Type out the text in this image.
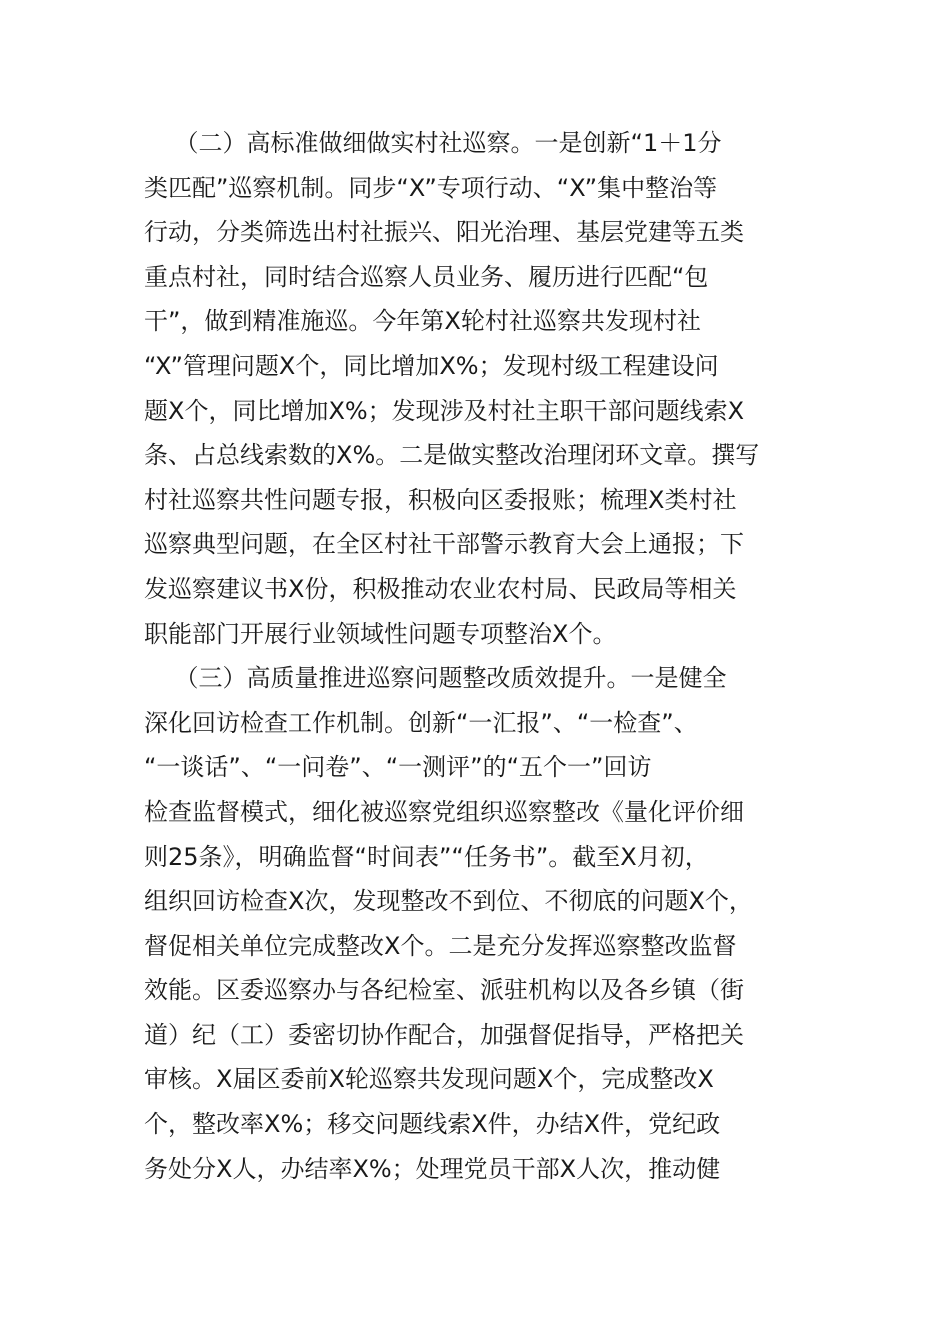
（二）高标准做细做实村社巡察。一是创新“1＋1分
类匹配”巡察机制。同步“X”专项行动、“X”集中整治等
行动，分类筛选出村社振兴、阳光治理、基层党建等五类
重点村社，同时结合巡察人员业务、履历进行匹配“包
干”，做到精准施巡。今年第X轮村社巡察共发现村社
“X”管理问题X个，同比增加X%；发现村级工程建设问
题X个，同比增加X%；发现涉及村社主职干部问题线索X
条、占总线索数的X%。二是做实整改治理闭环文章。撰写
村社巡察共性问题专报，积极向区委报账；梳理X类村社
巡察典型问题，在全区村社干部警示教育大会上通报；下
发巡察建议书X份，积极推动农业农村局、民政局等相关
职能部门开展行业领域性问题专项整治X个。
（三）高质量推进巡察问题整改质效提升。一是健全
深化回访检查工作机制。创新“一汇报”、“一检查”、
“一谈话”、“一问卷”、“一测评”的“五个一”回访
检查监督模式，细化被巡察党组织巡察整改《量化评价细
则25条》，明确监督“时间表”“任务书”。截至X月初，
组织回访检查X次，发现整改不到位、不彻底的问题X个，
督促相关单位完成整改X个。二是充分发挥巡察整改监督
效能。区委巡察办与各纪检室、派驻机构以及各乡镇（街
道）纪（工）委密切协作配合，加强督促指导，严格把关
审核。X届区委前X轮巡察共发现问题X个，完成整改X
个，整改率X%；移交问题线索X件，办结X件，党纪政
务处分X人，办结率X%；处理党员干部X人次，推动健
